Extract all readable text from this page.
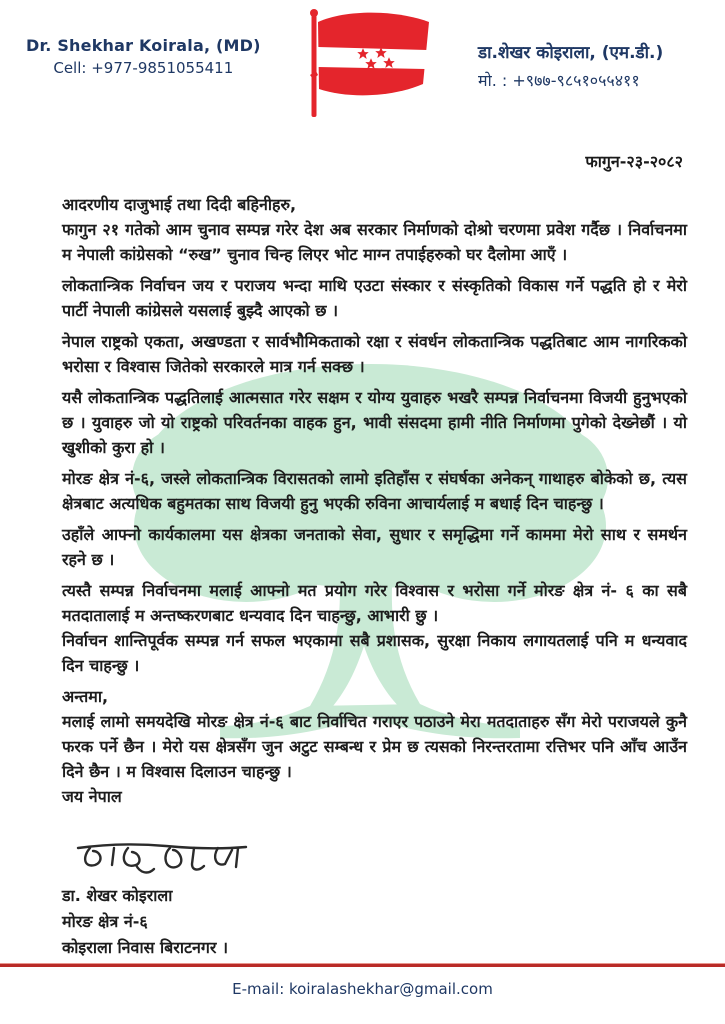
Dr. Shekhar Koirala, (MD)
Cell: +977-9851055411
डा.शेखर कोइराला, (एम.डी.)
मो. : +९७७-९८५१०५५४११
फागुन-२३-२०८२

आदरणीय दाजुभाई तथा दिदी बहिनीहरु,

फागुन २१ गतेको आम चुनाव सम्पन्न गरेर देश अब सरकार निर्माणको दोश्रो चरणमा प्रवेश गर्दैछ । निर्वाचनमा म नेपाली कांग्रेसको “रुख” चुनाव चिन्ह लिएर भोट माग्न तपाईहरुको घर दैलोमा आएँ ।

लोकतान्त्रिक निर्वाचन जय र पराजय भन्दा माथि एउटा संस्कार र संस्कृतिको विकास गर्ने पद्धति हो र मेरो पार्टी नेपाली कांग्रेसले यसलाई बुझ्दै आएको छ ।

नेपाल राष्ट्रको एकता, अखण्डता र सार्वभौमिकताको रक्षा र संवर्धन लोकतान्त्रिक पद्धतिबाट आम नागरिकको भरोसा र विश्वास जितेको सरकारले मात्र गर्न सक्छ ।

यसै लोकतान्त्रिक पद्धतिलाई आत्मसात गरेर सक्षम र योग्य युवाहरु भखरै सम्पन्न निर्वाचनमा विजयी हुनुभएको छ । युवाहरु जो यो राष्ट्रको परिवर्तनका वाहक हुन, भावी संसदमा हामी नीति निर्माणमा पुगेको देख्नेछौं । यो खुशीको कुरा हो ।

मोरङ क्षेत्र नं-६, जस्ले लोकतान्त्रिक विरासतको लामो इतिहाँस र संघर्षका अनेकन् गाथाहरु बोकेको छ, त्यस क्षेत्रबाट अत्यधिक बहुमतका साथ विजयी हुनु भएकी रुविना आचार्यलाई म बधाई दिन चाहन्छु ।

उहाँले आफ्नो कार्यकालमा यस क्षेत्रका जनताको सेवा, सुधार र समृद्धिमा गर्ने काममा मेरो साथ र समर्थन रहने छ ।

त्यस्तै सम्पन्न निर्वाचनमा मलाई आफ्नो मत प्रयोग गरेर विश्वास र भरोसा गर्ने मोरङ क्षेत्र नं- ६ का सबै मतदातालाई म अन्तष्करणबाट धन्यवाद दिन चाहन्छु, आभारी छु ।

निर्वाचन शान्तिपूर्वक सम्पन्न गर्न सफल भएकामा सबै प्रशासक, सुरक्षा निकाय लगायतलाई पनि म धन्यवाद दिन चाहन्छु ।

अन्तमा,

मलाई लामो समयदेखि मोरङ क्षेत्र नं-६ बाट निर्वाचित गराएर पठाउने मेरा मतदाताहरु सँग मेरो पराजयले कुनै फरक पर्ने छैन । मेरो यस क्षेत्रसँग जुन अटुट सम्बन्ध र प्रेम छ त्यसको निरन्तरतामा रत्तिभर पनि आँच आउँन दिने छैन । म विश्वास दिलाउन चाहन्छु ।

जय नेपाल

डा. शेखर कोइराला
मोरङ क्षेत्र नं-६
कोइराला निवास बिराटनगर ।
E-mail: koiralashekhar@gmail.com
